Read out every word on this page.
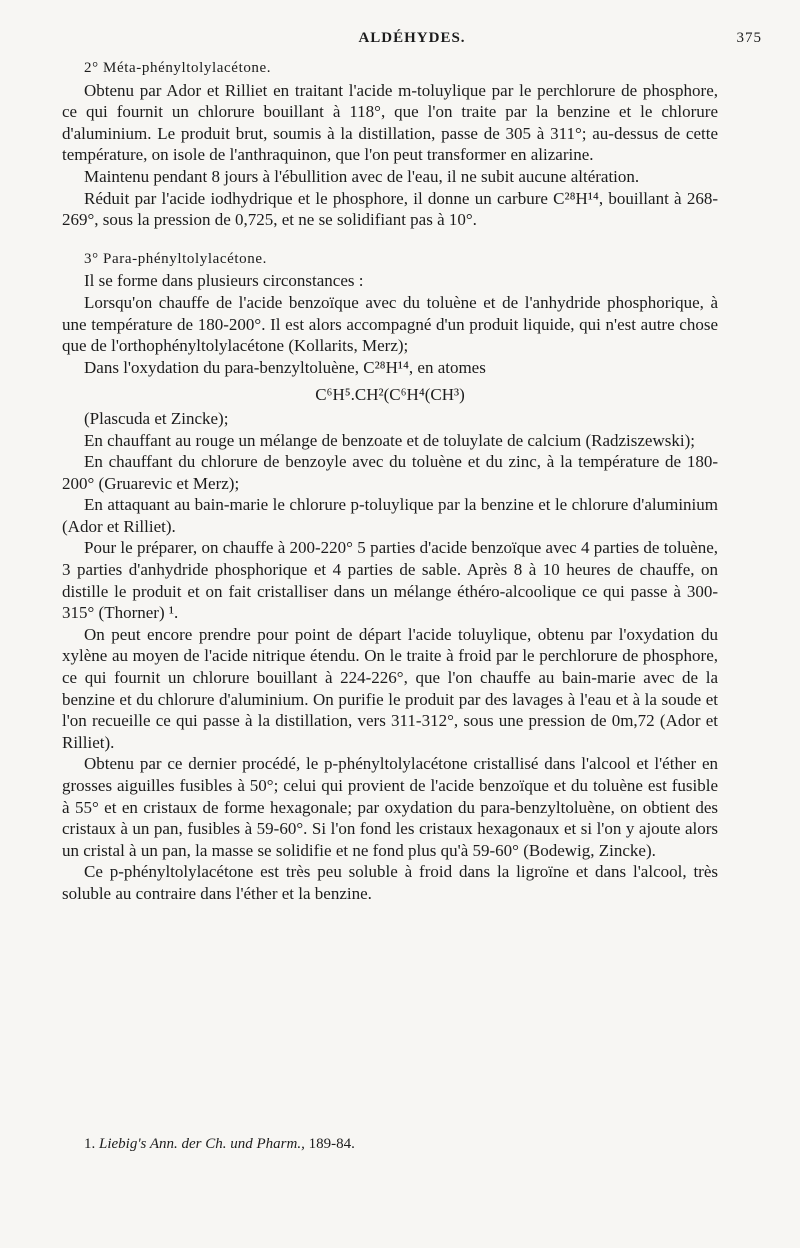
ALDÉHYDES.	375

2° Méta-phényltolylacétone.

Obtenu par Ador et Rilliet en traitant l'acide m-toluylique par le perchlorure de phosphore, ce qui fournit un chlorure bouillant à 118°, que l'on traite par la benzine et le chlorure d'aluminium. Le produit brut, soumis à la distillation, passe de 305 à 311°; au-dessus de cette température, on isole de l'anthraquinon, que l'on peut transformer en alizarine.

Maintenu pendant 8 jours à l'ébullition avec de l'eau, il ne subit aucune altération.

Réduit par l'acide iodhydrique et le phosphore, il donne un carbure C²⁸H¹⁴, bouillant à 268-269°, sous la pression de 0,725, et ne se solidifiant pas à 10°.

3° Para-phényltolylacétone.

Il se forme dans plusieurs circonstances :

Lorsqu'on chauffe de l'acide benzoïque avec du toluène et de l'anhydride phosphorique, à une température de 180-200°. Il est alors accompagné d'un produit liquide, qui n'est autre chose que de l'orthophényltolylacétone (Kollarits, Merz);

Dans l'oxydation du para-benzyltoluène, C²⁸H¹⁴, en atomes

C⁶H⁵.CH²(C⁶H⁴(CH³)

(Plascuda et Zincke);

En chauffant au rouge un mélange de benzoate et de toluylate de calcium (Radziszewski);

En chauffant du chlorure de benzoyle avec du toluène et du zinc, à la température de 180-200° (Gruarevic et Merz);

En attaquant au bain-marie le chlorure p-toluylique par la benzine et le chlorure d'aluminium (Ador et Rilliet).

Pour le préparer, on chauffe à 200-220° 5 parties d'acide benzoïque avec 4 parties de toluène, 3 parties d'anhydride phosphorique et 4 parties de sable. Après 8 à 10 heures de chauffe, on distille le produit et on fait cristalliser dans un mélange éthéro-alcoolique ce qui passe à 300-315° (Thorner) ¹.

On peut encore prendre pour point de départ l'acide toluylique, obtenu par l'oxydation du xylène au moyen de l'acide nitrique étendu. On le traite à froid par le perchlorure de phosphore, ce qui fournit un chlorure bouillant à 224-226°, que l'on chauffe au bain-marie avec de la benzine et du chlorure d'aluminium. On purifie le produit par des lavages à l'eau et à la soude et l'on recueille ce qui passe à la distillation, vers 311-312°, sous une pression de 0m,72 (Ador et Rilliet).

Obtenu par ce dernier procédé, le p-phényltolylacétone cristallisé dans l'alcool et l'éther en grosses aiguilles fusibles à 50°; celui qui provient de l'acide benzoïque et du toluène est fusible à 55° et en cristaux de forme hexagonale; par oxydation du para-benzyltoluène, on obtient des cristaux à un pan, fusibles à 59-60°. Si l'on fond les cristaux hexagonaux et si l'on y ajoute alors un cristal à un pan, la masse se solidifie et ne fond plus qu'à 59-60° (Bodewig, Zincke).

Ce p-phényltolylacétone est très peu soluble à froid dans la ligroïne et dans l'alcool, très soluble au contraire dans l'éther et la benzine.

1. Liebig's Ann. der Ch. und Pharm., 189-84.
